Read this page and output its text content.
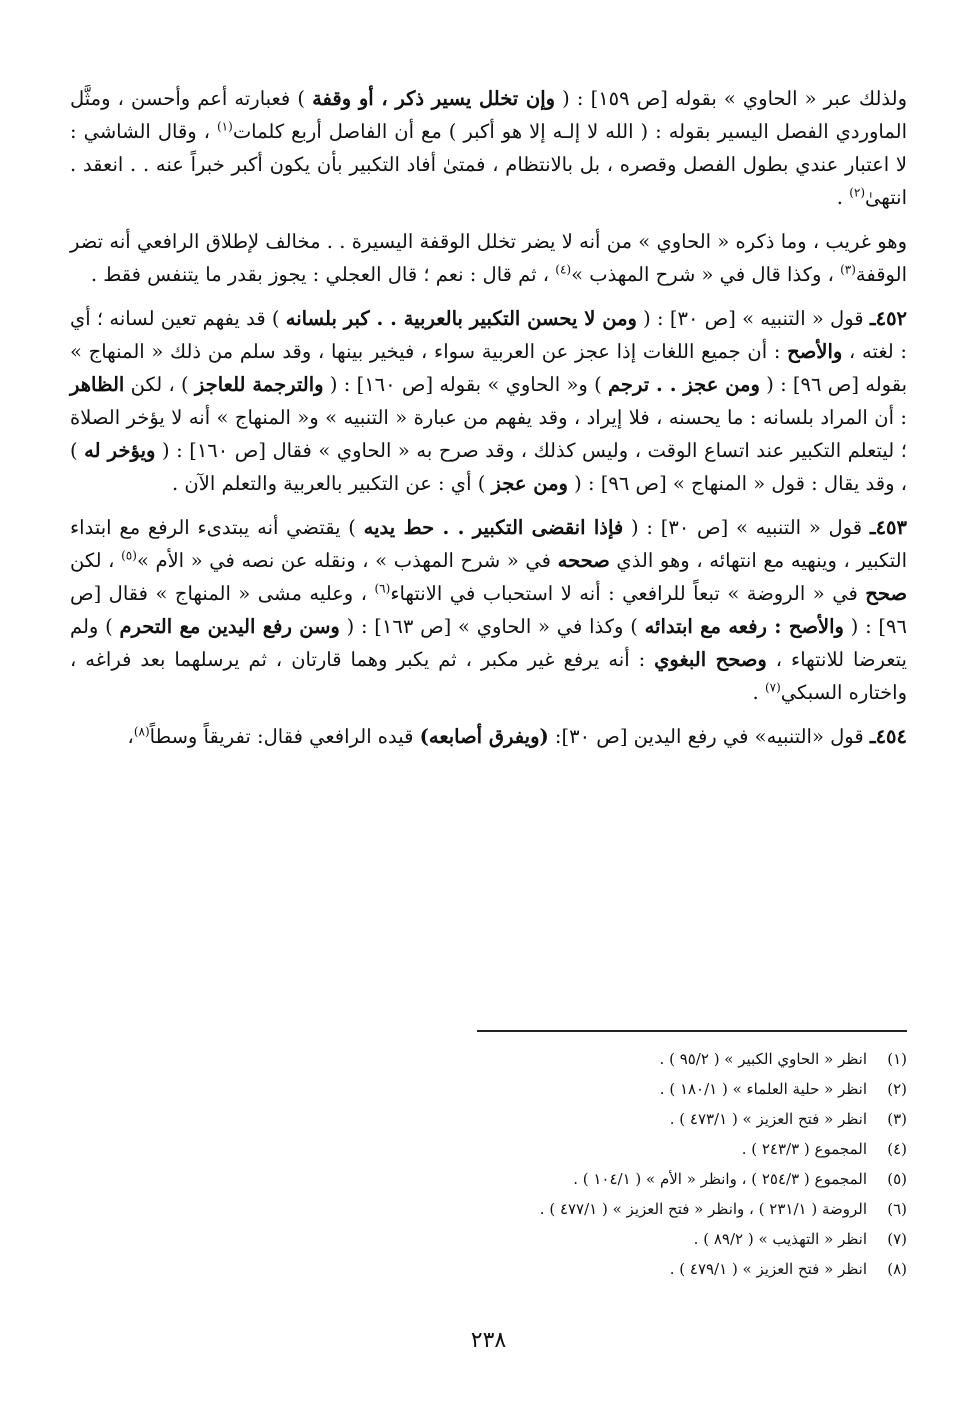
ولذلك عبر « الحاوي » بقوله [ص ١٥٩] : ( وإن تخلل يسير ذكر ، أو وقفة ) فعبارته أعم وأحسن ، ومثَّل الماوردي الفصل اليسير بقوله : ( الله لا إلـه إلا هو أكبر ) مع أن الفاصل أربع كلمات$^{(١)}$ ، وقال الشاشي : لا اعتبار عندي بطول الفصل وقصره ، بل بالانتظام ، فمتىٰ أفاد التكبير بأن يكون أكبر خبراً عنه . . انعقد . انتهىٰ$^{(٢)}$ .

وهو غريب ، وما ذكره « الحاوي » من أنه لا يضر تخلل الوقفة اليسيرة . . مخالف لإطلاق الرافعي أنه تضر الوقفة$^{(٣)}$ ، وكذا قال في « شرح المهذب »$^{(٤)}$ ، ثم قال : نعم ؛ قال العجلي : يجوز بقدر ما يتنفس فقط .

٤٥٢ـ قول « التنبيه » [ص ٣٠] : ( ومن لا يحسن التكبير بالعربية . . كبر بلسانه ) قد يفهم تعين لسانه ؛ أي : لغته ، والأصح : أن جميع اللغات إذا عجز عن العربية سواء ، فيخير بينها ، وقد سلم من ذلك « المنهاج » بقوله [ص ٩٦] : ( ومن عجز . . ترجم ) و« الحاوي » بقوله [ص ١٦٠] : ( والترجمة للعاجز ) ، لكن الظاهر : أن المراد بلسانه : ما يحسنه ، فلا إيراد ، وقد يفهم من عبارة « التنبيه » و« المنهاج » أنه لا يؤخر الصلاة ؛ ليتعلم التكبير عند اتساع الوقت ، وليس كذلك ، وقد صرح به « الحاوي » فقال [ص ١٦٠] : ( ويؤخر له ) ، وقد يقال : قول « المنهاج » [ص ٩٦] : ( ومن عجز ) أي : عن التكبير بالعربية والتعلم الآن .

٤٥٣ـ قول « التنبيه » [ص ٣٠] : ( فإذا انقضى التكبير . . حط يديه ) يقتضي أنه يبتدىء الرفع مع ابتداء التكبير ، وينهيه مع انتهائه ، وهو الذي صححه في « شرح المهذب » ، ونقله عن نصه في « الأم »$^{(٥)}$ ، لكن صحح في « الروضة » تبعاً للرافعي : أنه لا استحباب في الانتهاء$^{(٦)}$ ، وعليه مشى « المنهاج » فقال [ص ٩٦] : ( والأصح : رفعه مع ابتدائه ) وكذا في « الحاوي » [ص ١٦٣] : ( وسن رفع اليدين مع التحرم ) ولم يتعرضا للانتهاء ، وصحح البغوي : أنه يرفع غير مكبر ، ثم يكبر وهما قارتان ، ثم يرسلهما بعد فراغه ، واختاره السبكي$^{(٧)}$ .

٤٥٤ـ قول «التنبيه» في رفع اليدين [ص ٣٠]: (ويفرق أصابعه) قيده الرافعي فقال: تفريقاً وسطاً$^{(٨)}$،

(١)
انظر « الحاوي الكبير » ( ٩٥/٢ ) .
(٢)
انظر « حلية العلماء » ( ١٨٠/١ ) .
(٣)
انظر « فتح العزيز » ( ٤٧٣/١ ) .
(٤)
المجموع ( ٢٤٣/٣ ) .
(٥)
المجموع ( ٢٥٤/٣ ) ، وانظر « الأم » ( ١٠٤/١ ) .
(٦)
الروضة ( ٢٣١/١ ) ، وانظر « فتح العزيز » ( ٤٧٧/١ ) .
(٧)
انظر « التهذيب » ( ٨٩/٢ ) .
(٨)
انظر « فتح العزيز » ( ٤٧٩/١ ) .
٢٣٨
